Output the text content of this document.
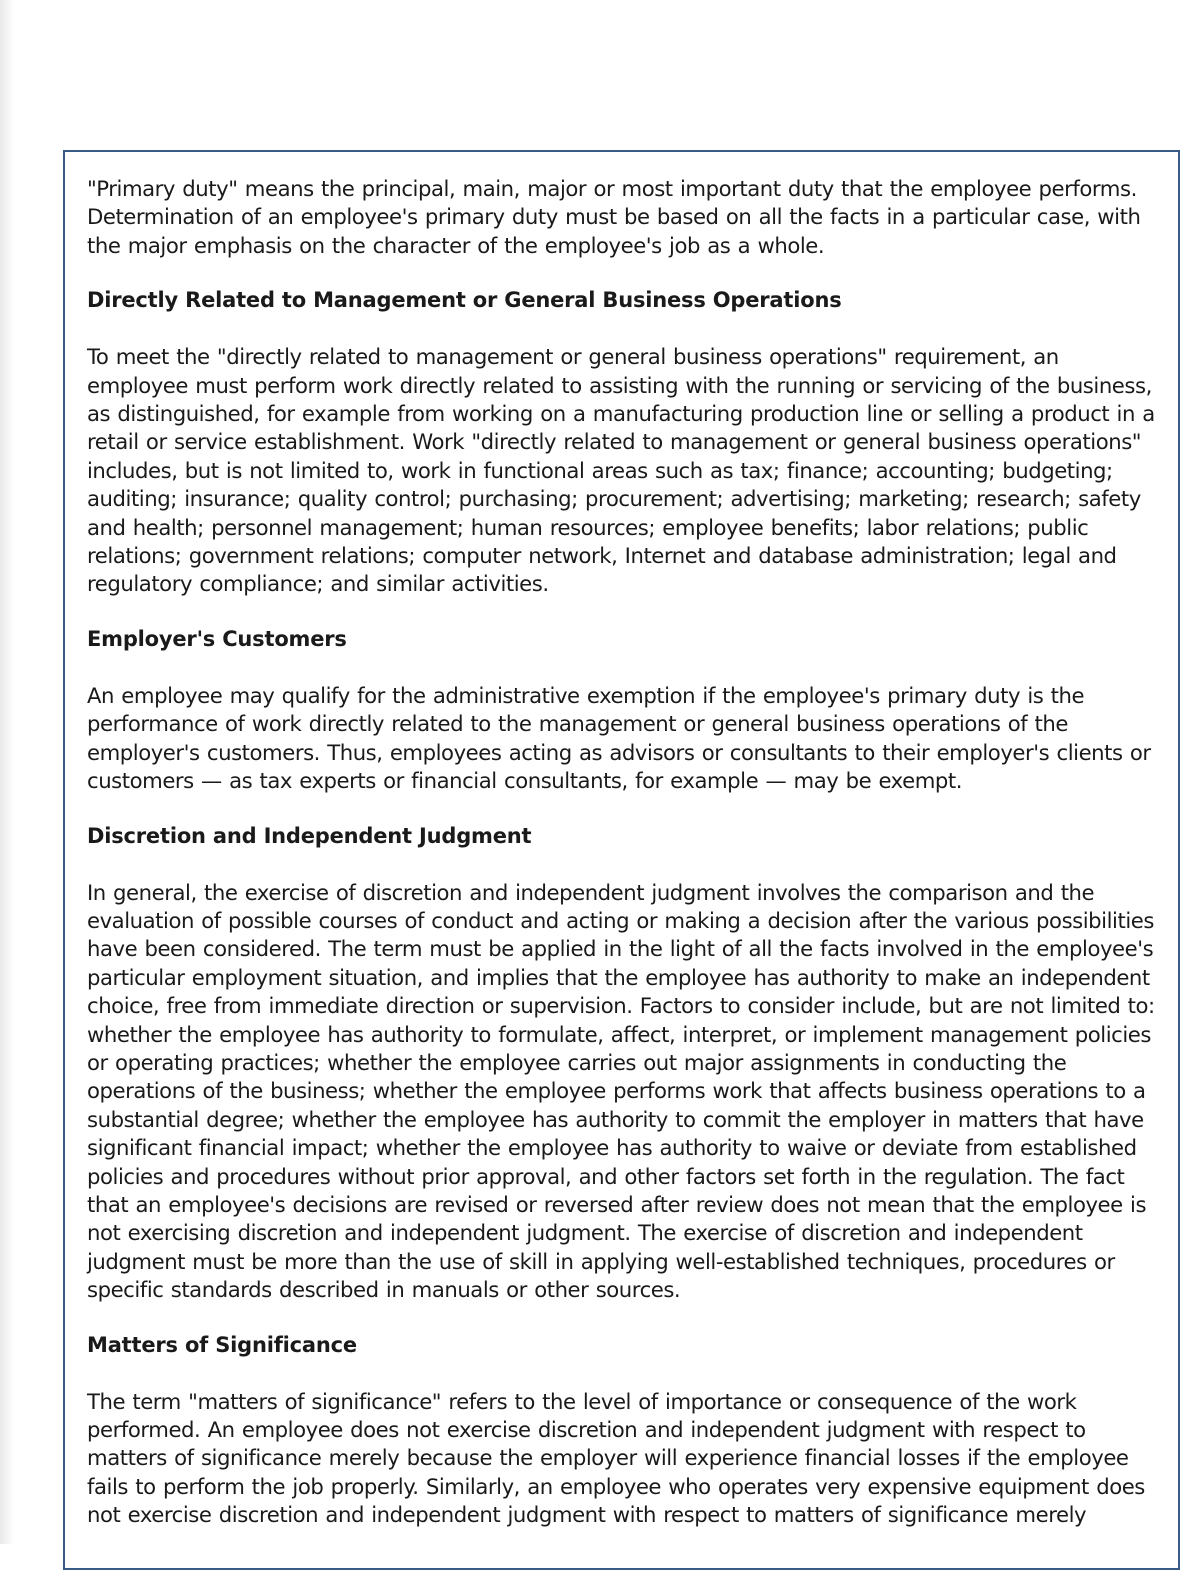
"Primary duty" means the principal, main, major or most important duty that the employee performs. Determination of an employee's primary duty must be based on all the facts in a particular case, with the major emphasis on the character of the employee's job as a whole.

Directly Related to Management or General Business Operations

To meet the "directly related to management or general business operations" requirement, an employee must perform work directly related to assisting with the running or servicing of the business, as distinguished, for example from working on a manufacturing production line or selling a product in a retail or service establishment. Work "directly related to management or general business operations" includes, but is not limited to, work in functional areas such as tax; finance; accounting; budgeting; auditing; insurance; quality control; purchasing; procurement; advertising; marketing; research; safety and health; personnel management; human resources; employee benefits; labor relations; public relations; government relations; computer network, Internet and database administration; legal and regulatory compliance; and similar activities.

Employer's Customers

An employee may qualify for the administrative exemption if the employee's primary duty is the performance of work directly related to the management or general business operations of the employer's customers. Thus, employees acting as advisors or consultants to their employer's clients or customers — as tax experts or financial consultants, for example — may be exempt.

Discretion and Independent Judgment

In general, the exercise of discretion and independent judgment involves the comparison and the evaluation of possible courses of conduct and acting or making a decision after the various possibilities have been considered. The term must be applied in the light of all the facts involved in the employee's particular employment situation, and implies that the employee has authority to make an independent choice, free from immediate direction or supervision. Factors to consider include, but are not limited to: whether the employee has authority to formulate, affect, interpret, or implement management policies or operating practices; whether the employee carries out major assignments in conducting the operations of the business; whether the employee performs work that affects business operations to a substantial degree; whether the employee has authority to commit the employer in matters that have significant financial impact; whether the employee has authority to waive or deviate from established policies and procedures without prior approval, and other factors set forth in the regulation. The fact that an employee's decisions are revised or reversed after review does not mean that the employee is not exercising discretion and independent judgment. The exercise of discretion and independent judgment must be more than the use of skill in applying well-established techniques, procedures or specific standards described in manuals or other sources.

Matters of Significance

The term "matters of significance" refers to the level of importance or consequence of the work performed. An employee does not exercise discretion and independent judgment with respect to matters of significance merely because the employer will experience financial losses if the employee fails to perform the job properly. Similarly, an employee who operates very expensive equipment does not exercise discretion and independent judgment with respect to matters of significance merely
